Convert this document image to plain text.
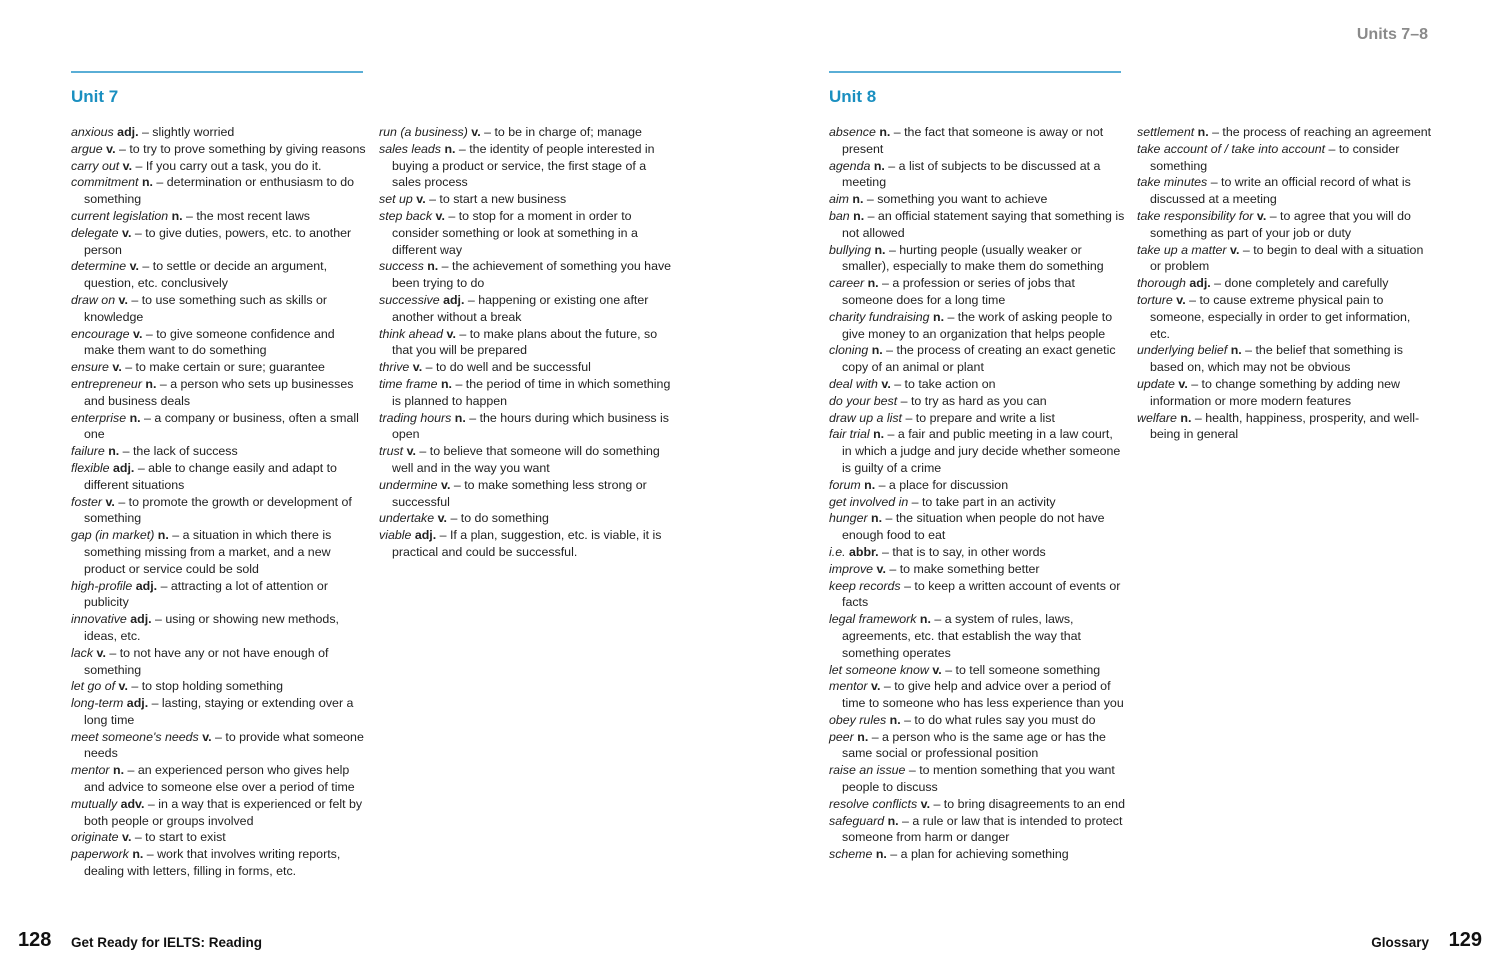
Units 7–8
Unit 7	Unit 8

anxious adj. – slightly worried

argue v. – to try to prove something by giving reasons

carry out v. – If you carry out a task, you do it.

commitment n. – determination or enthusiasm to do something

current legislation n. – the most recent laws

delegate v. – to give duties, powers, etc. to another person

determine v. – to settle or decide an argument, question, etc. conclusively

draw on v. – to use something such as skills or knowledge

encourage v. – to give someone confidence and make them want to do something

ensure v. – to make certain or sure; guarantee

entrepreneur n. – a person who sets up businesses and business deals

enterprise n. – a company or business, often a small one

failure n. – the lack of success

flexible adj. – able to change easily and adapt to different situations

foster v. – to promote the growth or development of something

gap (in market) n. – a situation in which there is something missing from a market, and a new product or service could be sold

high-profile adj. – attracting a lot of attention or publicity

innovative adj. – using or showing new methods, ideas, etc.

lack v. – to not have any or not have enough of something

let go of v. – to stop holding something

long-term adj. – lasting, staying or extending over a long time

meet someone's needs v. – to provide what someone needs

mentor n. – an experienced person who gives help and advice to someone else over a period of time

mutually adv. – in a way that is experienced or felt by both people or groups involved

originate v. – to start to exist

paperwork n. – work that involves writing reports, dealing with letters, filling in forms, etc.

run (a business) v. – to be in charge of; manage

sales leads n. – the identity of people interested in buying a product or service, the first stage of a sales process

set up v. – to start a new business

step back v. – to stop for a moment in order to consider something or look at something in a different way

success n. – the achievement of something you have been trying to do

successive adj. – happening or existing one after another without a break

think ahead v. – to make plans about the future, so that you will be prepared

thrive v. – to do well and be successful

time frame n. – the period of time in which something is planned to happen

trading hours n. – the hours during which business is open

trust v. – to believe that someone will do something well and in the way you want

undermine v. – to make something less strong or successful

undertake v. – to do something

viable adj. – If a plan, suggestion, etc. is viable, it is practical and could be successful.

absence n. – the fact that someone is away or not present

agenda n. – a list of subjects to be discussed at a meeting

aim n. – something you want to achieve

ban n. – an official statement saying that something is not allowed

bullying n. – hurting people (usually weaker or smaller), especially to make them do something

career n. – a profession or series of jobs that someone does for a long time

charity fundraising n. – the work of asking people to give money to an organization that helps people

cloning n. – the process of creating an exact genetic copy of an animal or plant

deal with v. – to take action on

do your best – to try as hard as you can

draw up a list – to prepare and write a list

fair trial n. – a fair and public meeting in a law court, in which a judge and jury decide whether someone is guilty of a crime

forum n. – a place for discussion

get involved in – to take part in an activity

hunger n. – the situation when people do not have enough food to eat

i.e. abbr. – that is to say, in other words

improve v. – to make something better

keep records – to keep a written account of events or facts

legal framework n. – a system of rules, laws, agreements, etc. that establish the way that something operates

let someone know v. – to tell someone something

mentor v. – to give help and advice over a period of time to someone who has less experience than you

obey rules n. – to do what rules say you must do

peer n. – a person who is the same age or has the same social or professional position

raise an issue – to mention something that you want people to discuss

resolve conflicts v. – to bring disagreements to an end

safeguard n. – a rule or law that is intended to protect someone from harm or danger

scheme n. – a plan for achieving something

settlement n. – the process of reaching an agreement

take account of / take into account – to consider something

take minutes – to write an official record of what is discussed at a meeting

take responsibility for v. – to agree that you will do something as part of your job or duty

take up a matter v. – to begin to deal with a situation or problem

thorough adj. – done completely and carefully

torture v. – to cause extreme physical pain to someone, especially in order to get information, etc.

underlying belief n. – the belief that something is based on, which may not be obvious

update v. – to change something by adding new information or more modern features

welfare n. – health, happiness, prosperity, and well-being in general

128 Get Ready for IELTS: Reading	Glossary 129
